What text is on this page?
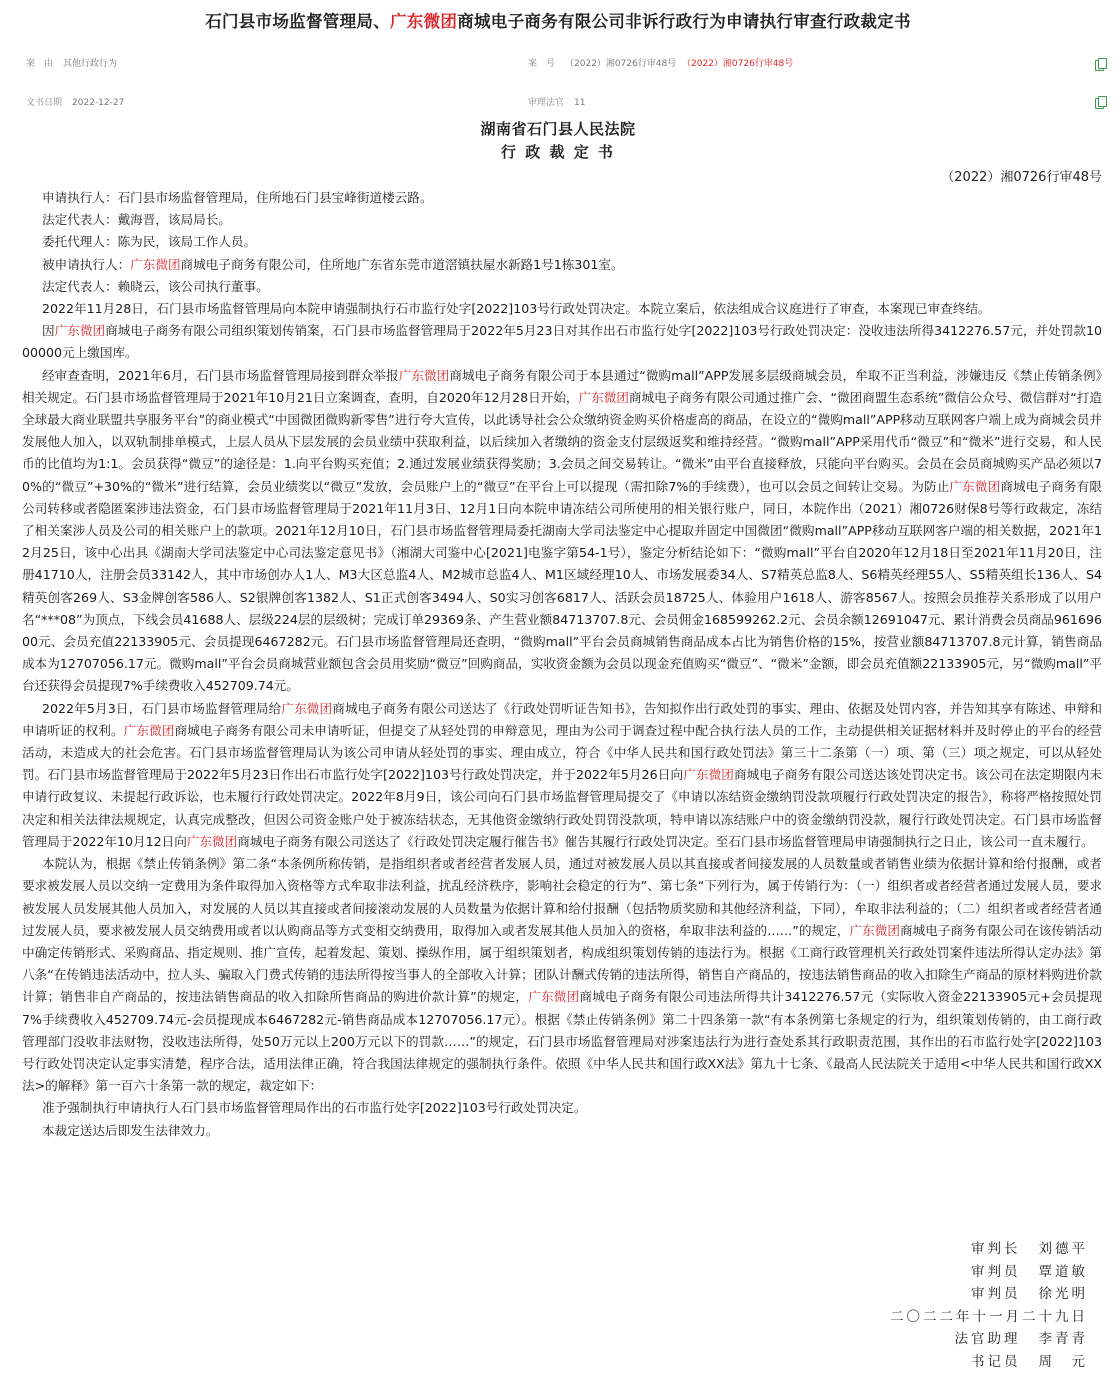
石门县市场监督管理局、广东微团商城电子商务有限公司非诉行政行为申请执行审查行政裁定书
案　由 其他行政行为	案　号 （2022）湘0726行审48号 （2022）湘0726行审48号
文书日期 2022-12-27	审理法官 11
湖南省石门县人民法院
行 政 裁 定 书
（2022）湘0726行审48号

申请执行人：石门县市场监督管理局，住所地石门县宝峰街道楼云路。

法定代表人：戴海晋，该局局长。

委托代理人：陈为民，该局工作人员。

被申请执行人：广东微团商城电子商务有限公司，住所地广东省东莞市道滘镇扶屋水新路1号1栋301室。

法定代表人：赖晓云，该公司执行董事。

2022年11月28日，石门县市场监督管理局向本院申请强制执行石市监行处字[2022]103号行政处罚决定。本院立案后，依法组成合议庭进行了审查，本案现已审查终结。

因广东微团商城电子商务有限公司组织策划传销案，石门县市场监督管理局于2022年5月23日对其作出石市监行处字[2022]103号行政处罚决定：没收违法所得3412276.57元，并处罚款1000000元上缴国库。

经审查查明，2021年6月，石门县市场监督管理局接到群众举报广东微团商城电子商务有限公司于本县通过“微购mall”APP发展多层级商城会员，牟取不正当利益，涉嫌违反《禁止传销条例》相关规定。石门县市场监督管理局于2021年10月21日立案调查，查明，自2020年12月28日开始，广东微团商城电子商务有限公司通过推广会、“微团商盟生态系统”微信公众号、微信群对“打造全球最大商业联盟共享服务平台”的商业模式“中国微团微购新零售”进行夸大宣传，以此诱导社会公众缴纳资金购买价格虚高的商品，在设立的“微购mall”APP移动互联网客户端上成为商城会员并发展他人加入，以双轨制排单模式，上层人员从下层发展的会员业绩中获取利益，以后续加入者缴纳的资金支付层级返奖和维持经营。“微购mall”APP采用代币“微豆”和“微米”进行交易，和人民币的比值均为1:1。会员获得“微豆”的途径是：1.向平台购买充值；2.通过发展业绩获得奖励；3.会员之间交易转让。“微米”由平台直接释放，只能向平台购买。会员在会员商城购买产品必须以70%的“微豆”+30%的“微米”进行结算，会员业绩奖以“微豆”发放，会员账户上的“微豆”在平台上可以提现（需扣除7%的手续费），也可以会员之间转让交易。为防止广东微团商城电子商务有限公司转移或者隐匿案涉违法资金，石门县市场监督管理局于2021年11月3日、12月1日向本院申请冻结公司所使用的相关银行账户，同日，本院作出（2021）湘0726财保8号等行政裁定，冻结了相关案涉人员及公司的相关账户上的款项。2021年12月10日，石门县市场监督管理局委托湖南大学司法鉴定中心提取并固定中国微团“微购mall”APP移动互联网客户端的相关数据，2021年12月25日，该中心出具《湖南大学司法鉴定中心司法鉴定意见书》（湘湖大司鉴中心[2021]电鉴字第54-1号），鉴定分析结论如下：“微购mall”平台自2020年12月18日至2021年11月20日，注册41710人，注册会员33142人，其中市场创办人1人、M3大区总监4人、M2城市总监4人、M1区域经理10人、市场发展委34人、S7精英总监8人、S6精英经理55人、S5精英组长136人、S4精英创客269人、S3金牌创客586人、S2银牌创客1382人、S1正式创客3494人、S0实习创客6817人、活跃会员18725人、体验用户1618人、游客8567人。按照会员推荐关系形成了以用户名“***08”为顶点，下线会员41688人、层级224层的层级树；完成订单29369条、产生营业额84713707.8元、会员佣金168599262.2元、会员余额12691047元、累计消费会员商品96169600元、会员充值22133905元、会员提现6467282元。石门县市场监督管理局还查明，“微购mall”平台会员商城销售商品成本占比为销售价格的15%，按营业额84713707.8元计算，销售商品成本为12707056.17元。微购mall”平台会员商城营业额包含会员用奖励“微豆”回购商品，实收资金额为会员以现金充值购买“微豆”、“微米”金额，即会员充值额22133905元，另“微购mall”平台还获得会员提现7%手续费收入452709.74元。

2022年5月3日，石门县市场监督管理局给广东微团商城电子商务有限公司送达了《行政处罚听证告知书》，告知拟作出行政处罚的事实、理由、依据及处罚内容，并告知其享有陈述、申辩和申请听证的权利。广东微团商城电子商务有限公司未申请听证，但提交了从轻处罚的申辩意见，理由为公司于调查过程中配合执行法人员的工作，主动提供相关证据材料并及时停止的平台的经营活动，未造成大的社会危害。石门县市场监督管理局认为该公司申请从轻处罚的事实、理由成立，符合《中华人民共和国行政处罚法》第三十二条第（一）项、第（三）项之规定，可以从轻处罚。石门县市场监督管理局于2022年5月23日作出石市监行处字[2022]103号行政处罚决定，并于2022年5月26日向广东微团商城电子商务有限公司送达该处罚决定书。该公司在法定期限内未申请行政复议、未提起行政诉讼，也未履行行政处罚决定。2022年8月9日，该公司向石门县市场监督管理局提交了《申请以冻结资金缴纳罚没款项履行行政处罚决定的报告》，称将严格按照处罚决定和相关法律法规规定，认真完成整改，但因公司资金账户处于被冻结状态，无其他资金缴纳行政处罚罚没款项，特申请以冻结账户中的资金缴纳罚没款，履行行政处罚决定。石门县市场监督管理局于2022年10月12日向广东微团商城电子商务有限公司送达了《行政处罚决定履行催告书》催告其履行行政处罚决定。至石门县市场监督管理局申请强制执行之日止，该公司一直未履行。

本院认为，根据《禁止传销条例》第二条“本条例所称传销，是指组织者或者经营者发展人员，通过对被发展人员以其直接或者间接发展的人员数量或者销售业绩为依据计算和给付报酬，或者要求被发展人员以交纳一定费用为条件取得加入资格等方式牟取非法利益，扰乱经济秩序，影响社会稳定的行为”、第七条“下列行为，属于传销行为：（一）组织者或者经营者通过发展人员，要求被发展人员发展其他人员加入，对发展的人员以其直接或者间接滚动发展的人员数量为依据计算和给付报酬（包括物质奖励和其他经济利益，下同），牟取非法利益的；（二）组织者或者经营者通过发展人员，要求被发展人员交纳费用或者以认购商品等方式变相交纳费用，取得加入或者发展其他人员加入的资格，牟取非法利益的……”的规定，广东微团商城电子商务有限公司在该传销活动中确定传销形式、采购商品、指定规则、推广宣传，起着发起、策划、操纵作用，属于组织策划者，构成组织策划传销的违法行为。根据《工商行政管理机关行政处罚案件违法所得认定办法》第八条“在传销违法活动中，拉人头、骗取入门费式传销的违法所得按当事人的全部收入计算；团队计酬式传销的违法所得，销售自产商品的，按违法销售商品的收入扣除生产商品的原材料购进价款计算；销售非自产商品的，按违法销售商品的收入扣除所售商品的购进价款计算”的规定，广东微团商城电子商务有限公司违法所得共计3412276.57元（实际收入资金22133905元+会员提现7%手续费收入452709.74元-会员提现成本6467282元-销售商品成本12707056.17元）。根据《禁止传销条例》第二十四条第一款“有本条例第七条规定的行为，组织策划传销的，由工商行政管理部门没收非法财物，没收违法所得，处50万元以上200万元以下的罚款……”的规定，石门县市场监督管理局对涉案违法行为进行查处系其行政职责范围，其作出的石市监行处字[2022]103号行政处罚决定认定事实清楚，程序合法，适用法律正确，符合我国法律规定的强制执行条件。依照《中华人民共和国行政XX法》第九十七条、《最高人民法院关于适用<中华人民共和国行政XX法>的解释》第一百六十条第一款的规定，裁定如下：

准予强制执行申请执行人石门县市场监督管理局作出的石市监行处字[2022]103号行政处罚决定。

本裁定送达后即发生法律效力。

审判长 刘德平
审判员 覃道敏
审判员 徐光明
二〇二二年十一月二十九日
法官助理 李青青
书记员 周　元
